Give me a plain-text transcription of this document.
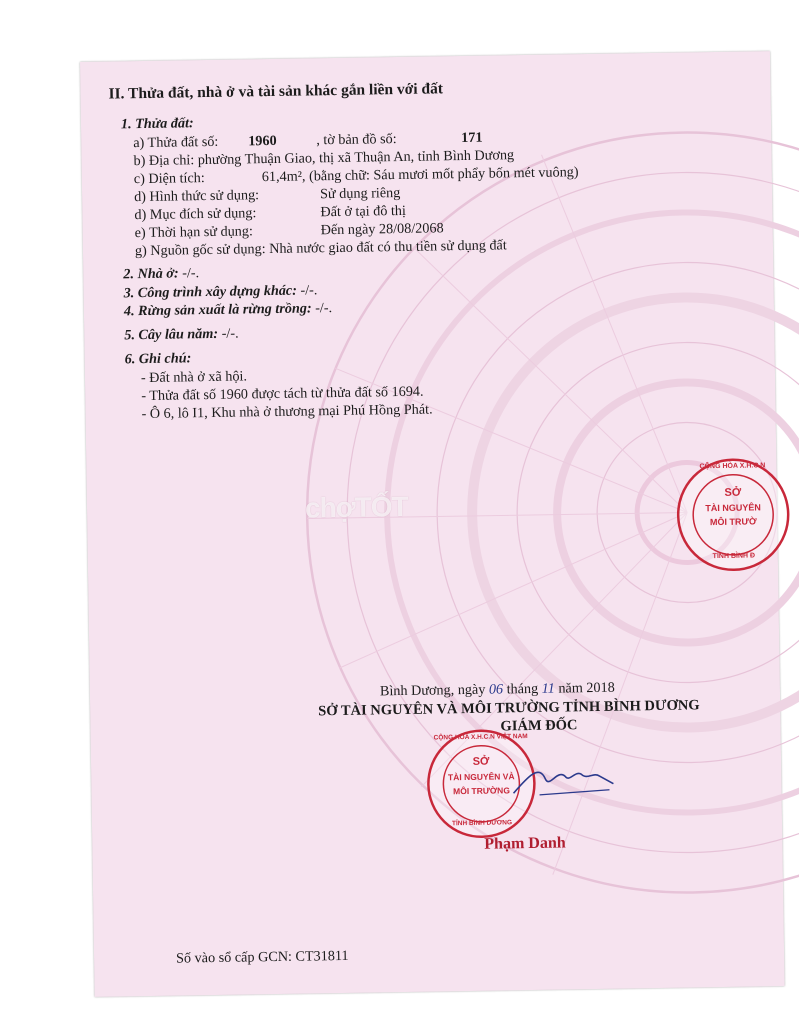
II. Thửa đất, nhà ở và tài sản khác gắn liền với đất
1. Thửa đất:
a) Thửa đất số: 1960	, tờ bản đồ số:	171
b) Địa chỉ: phường Thuận Giao, thị xã Thuận An, tỉnh Bình Dương
c) Diện tích:	61,4m², (bằng chữ: Sáu mươi mốt phẩy bốn mét vuông)
d) Hình thức sử dụng:	Sử dụng riêng
d) Mục đích sử dụng:	Đất ở tại đô thị
e) Thời hạn sử dụng:	Đến ngày 28/08/2068
g) Nguồn gốc sử dụng: Nhà nước giao đất có thu tiền sử dụng đất
2. Nhà ở: -/-.
3. Công trình xây dựng khác: -/-.
4. Rừng sản xuất là rừng trồng: -/-.
5. Cây lâu năm: -/-.
6. Ghi chú:
- Đất nhà ở xã hội.
- Thửa đất số 1960 được tách từ thửa đất số 1694.
- Ô 6, lô I1, Khu nhà ở thương mại Phú Hồng Phát.
chợTỐT
CỘNG HÒA X.H.C.N
SỞ
TÀI NGUYÊN
MÔI TRƯỜ
TỈNH BÌNH Đ
Bình Dương, ngày 06 tháng 11 năm 2018
SỞ TÀI NGUYÊN VÀ MÔI TRƯỜNG TỈNH BÌNH DƯƠNG
GIÁM ĐỐC
CỘNG HÒA X.H.C.N VIỆT NAM
SỞ
TÀI NGUYÊN VÀ
MÔI TRƯỜNG
TỈNH BÌNH DƯƠNG
Phạm Danh
Số vào sổ cấp GCN: CT31811
